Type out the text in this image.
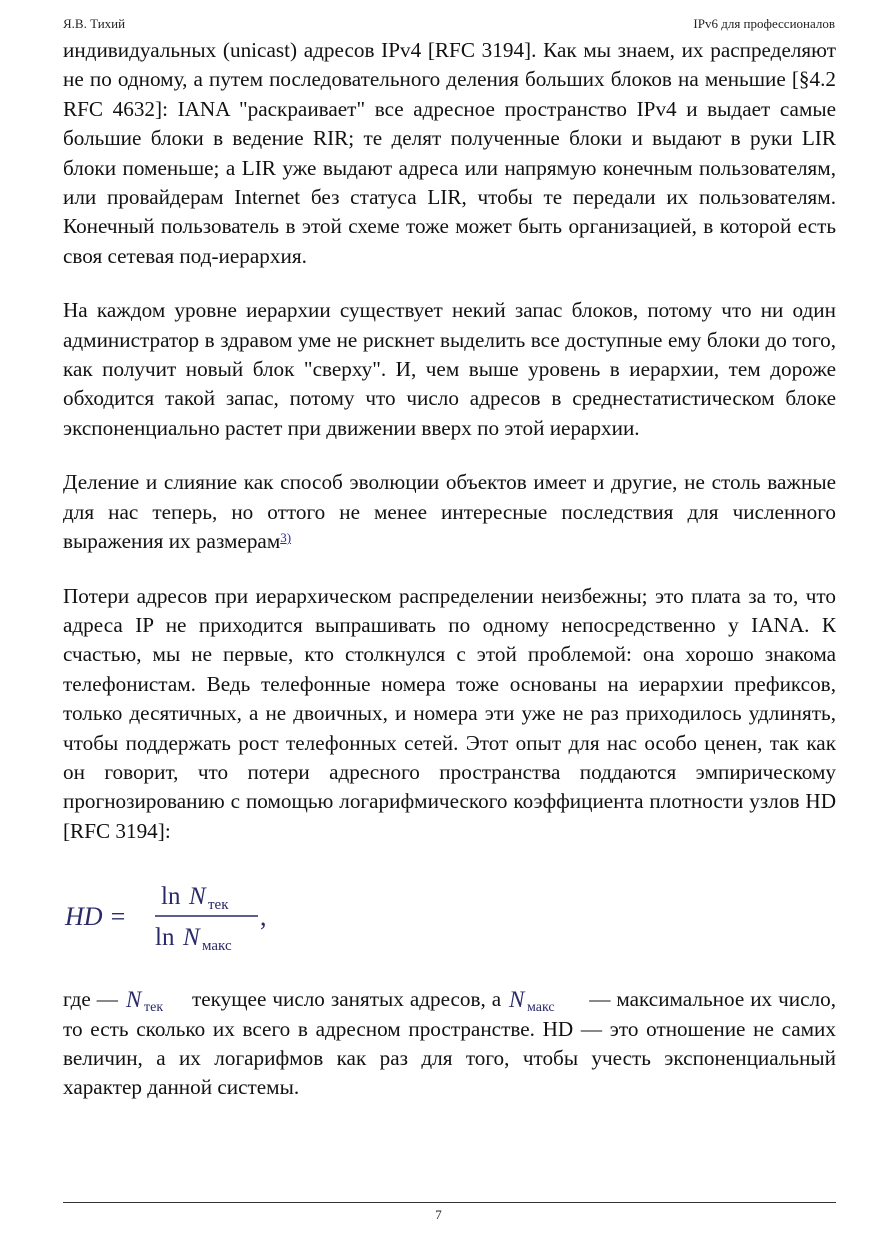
Я.В. Тихий	IPv6 для профессионалов

индивидуальных (unicast) адресов IPv4 [RFC 3194]. Как мы знаем, их распределяют не по одному, а путем последовательного деления больших блоков на меньшие [§4.2 RFC 4632]: IANA "раскраивает" все адресное пространство IPv4 и выдает самые большие блоки в ведение RIR; те делят полученные блоки и выдают в руки LIR блоки поменьше; а LIR уже выдают адреса или напрямую конечным пользователям, или провайдерам Internet без статуса LIR, чтобы те передали их пользователям. Конечный пользователь в этой схеме тоже может быть организацией, в которой есть своя сетевая под-иерархия.

На каждом уровне иерархии существует некий запас блоков, потому что ни один администратор в здравом уме не рискнет выделить все доступные ему блоки до того, как получит новый блок "сверху". И, чем выше уровень в иерархии, тем дороже обходится такой запас, потому что число адресов в среднестатистическом блоке экспоненциально растет при движении вверх по этой иерархии.

Деление и слияние как способ эволюции объектов имеет и другие, не столь важные для нас теперь, но оттого не менее интересные последствия для численного выражения их размерам$^{3)}$

Потери адресов при иерархическом распределении неизбежны; это плата за то, что адреса IP не приходится выпрашивать по одному непосредственно у IANA. К счастью, мы не первые, кто столкнулся с этой проблемой: она хорошо знакома телефонистам. Ведь телефонные номера тоже основаны на иерархии префиксов, только десятичных, а не двоичных, и номера эти уже не раз приходилось удлинять, чтобы поддержать рост телефонных сетей. Этот опыт для нас особо ценен, так как он говорит, что потери адресного пространства поддаются эмпирическому прогнозированию с помощью логарифмического коэффициента плотности узлов HD [RFC 3194]:

HD =
ln N тек
ln N макс
,

где — N тек текущее число занятых адресов, а N макс — максимальное их число, то есть сколько их всего в адресном пространстве. HD — это отношение не самих величин, а их логарифмов как раз для того, чтобы учесть экспоненциальный характер данной системы.

7
